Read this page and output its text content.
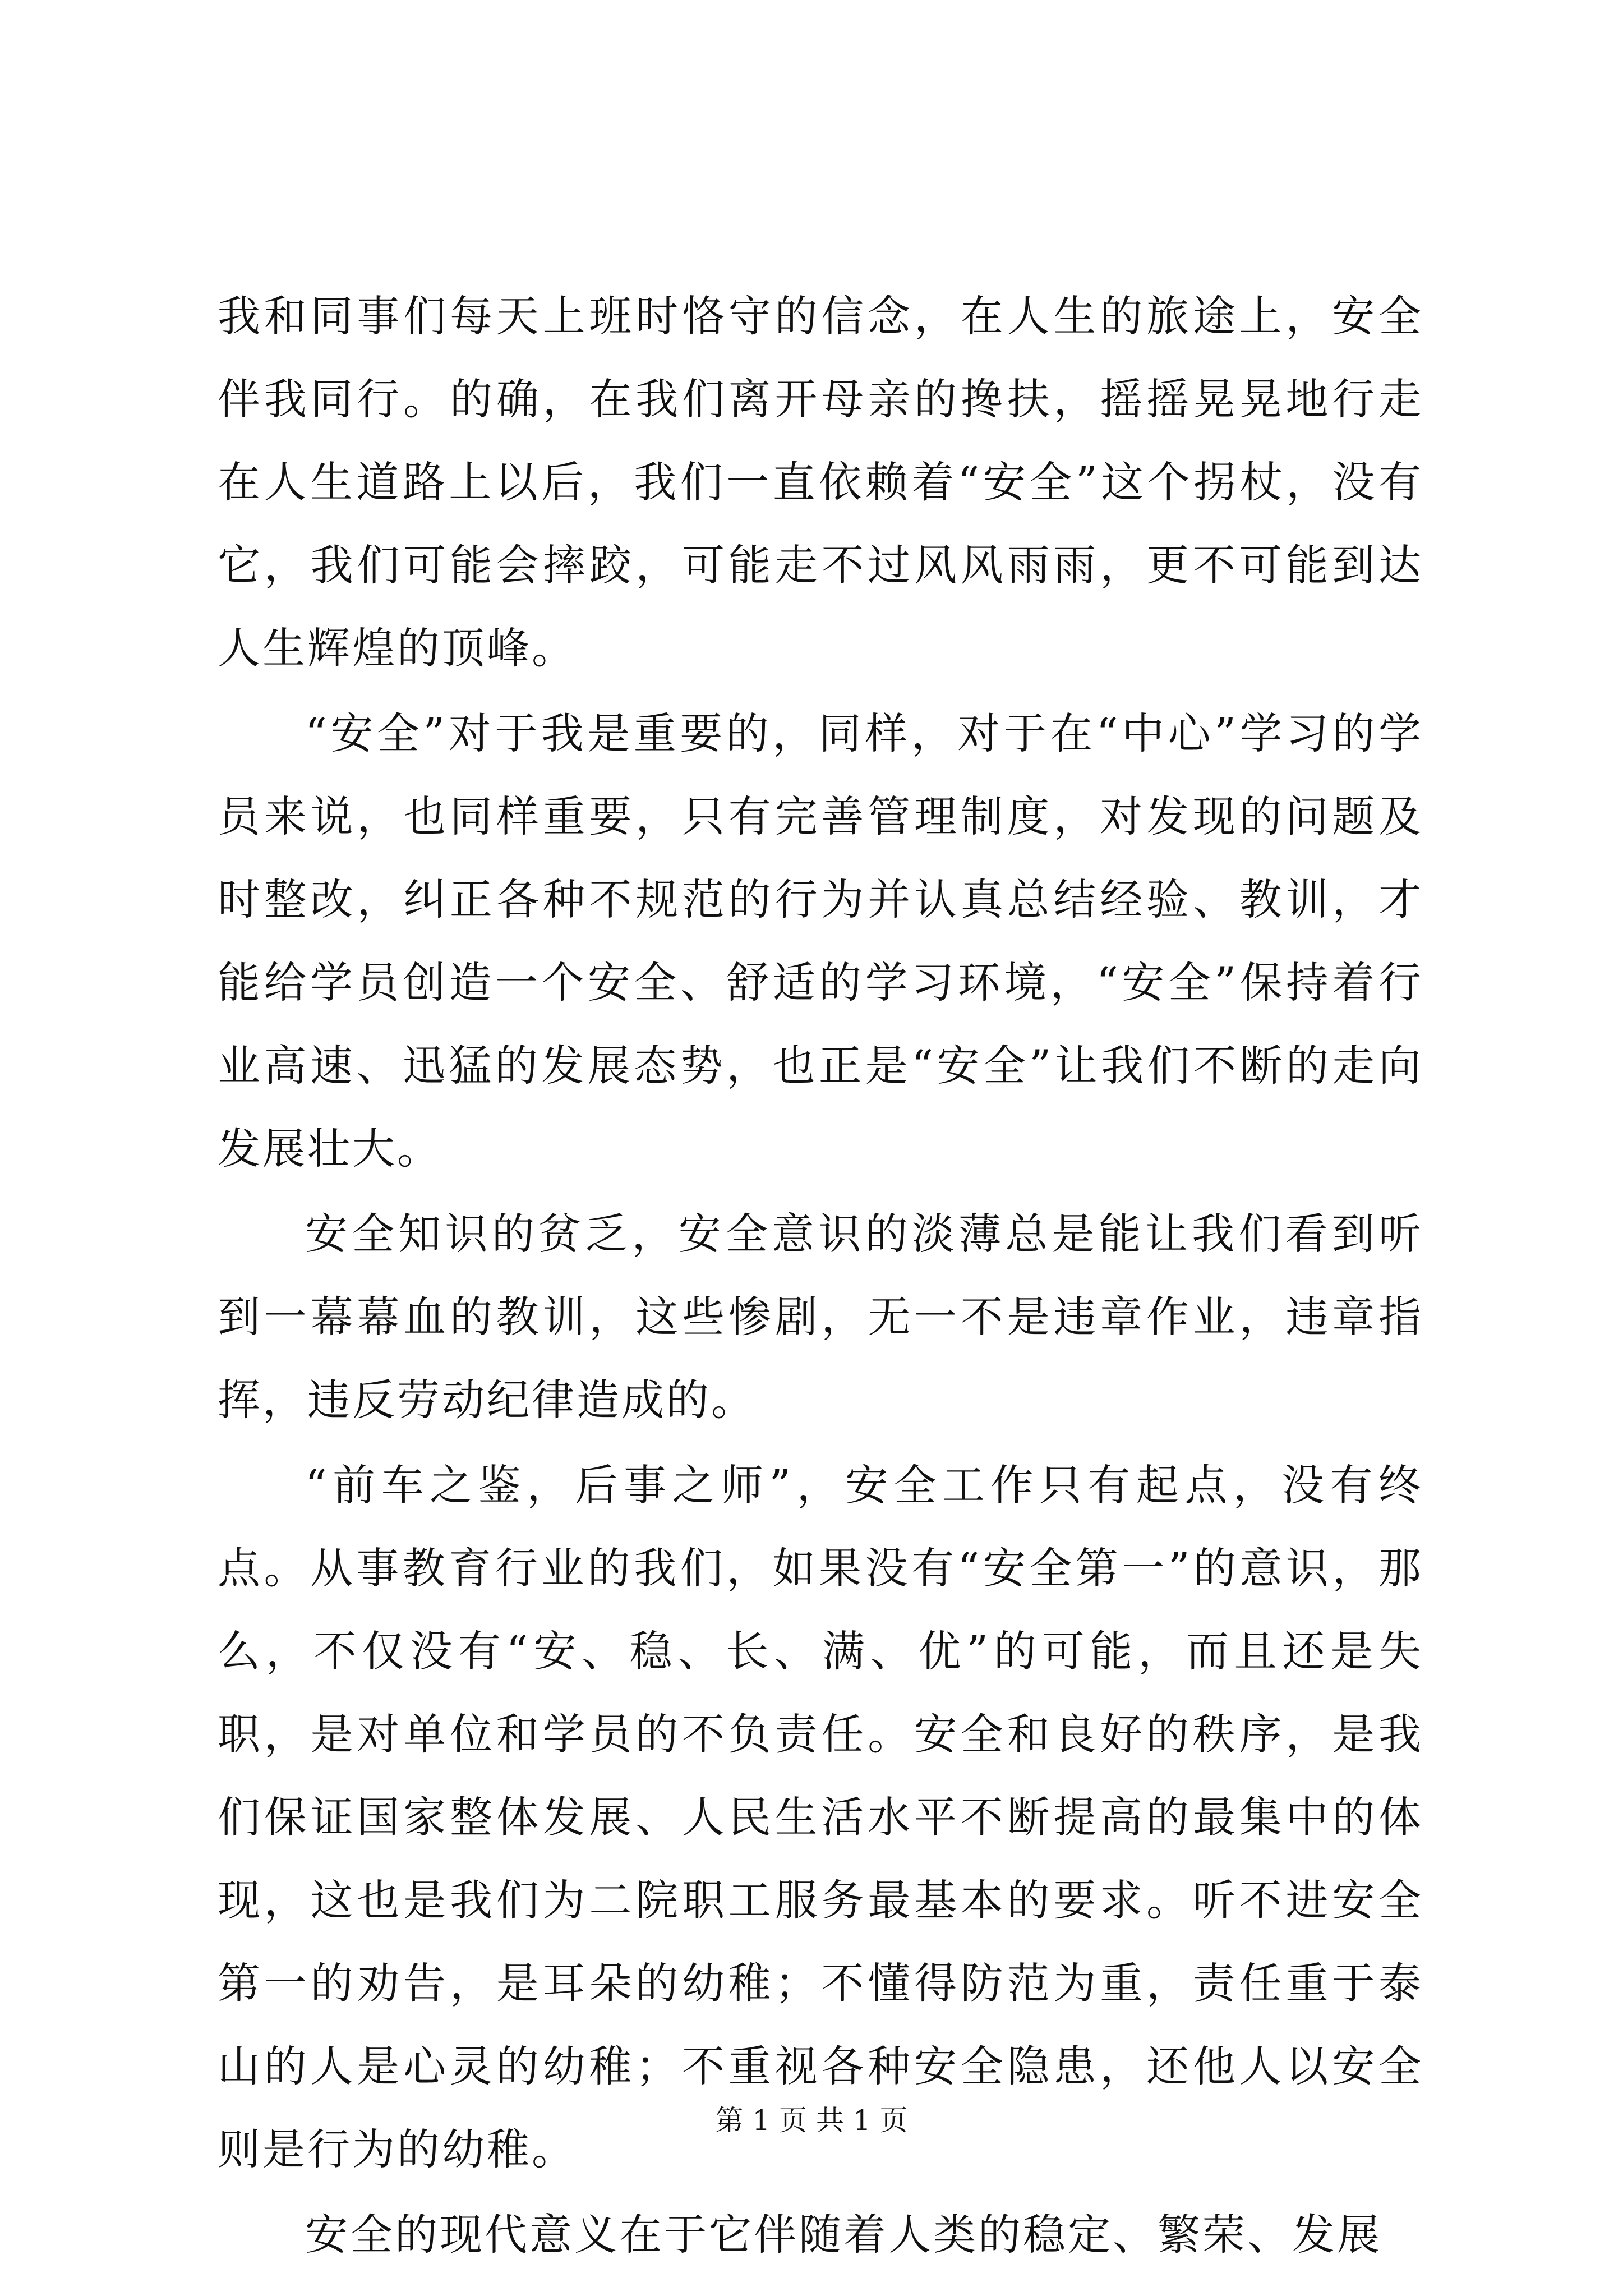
我和同事们每天上班时恪守的信念，在人生的旅途上，安全伴我同行。的确，在我们离开母亲的搀扶，摇摇晃晃地行走在人生道路上以后，我们一直依赖着“安全”这个拐杖，没有它，我们可能会摔跤，可能走不过风风雨雨，更不可能到达人生辉煌的顶峰。

“安全”对于我是重要的，同样，对于在“中心”学习的学员来说，也同样重要，只有完善管理制度，对发现的问题及时整改，纠正各种不规范的行为并认真总结经验、教训，才能给学员创造一个安全、舒适的学习环境，“安全”保持着行业高速、迅猛的发展态势，也正是“安全”让我们不断的走向发展壮大。

安全知识的贫乏，安全意识的淡薄总是能让我们看到听到一幕幕血的教训，这些惨剧，无一不是违章作业，违章指挥，违反劳动纪律造成的。

“前车之鉴，后事之师”，安全工作只有起点，没有终点。从事教育行业的我们，如果没有“安全第一”的意识，那么，不仅没有“安、稳、长、满、优”的可能，而且还是失职，是对单位和学员的不负责任。安全和良好的秩序，是我们保证国家整体发展、人民生活水平不断提高的最集中的体现，这也是我们为二院职工服务最基本的要求。听不进安全第一的劝告，是耳朵的幼稚；不懂得防范为重，责任重于泰山的人是心灵的幼稚；不重视各种安全隐患，还他人以安全则是行为的幼稚。

安全的现代意义在于它伴随着人类的稳定、繁荣、发展

第 1 页 共 1 页
